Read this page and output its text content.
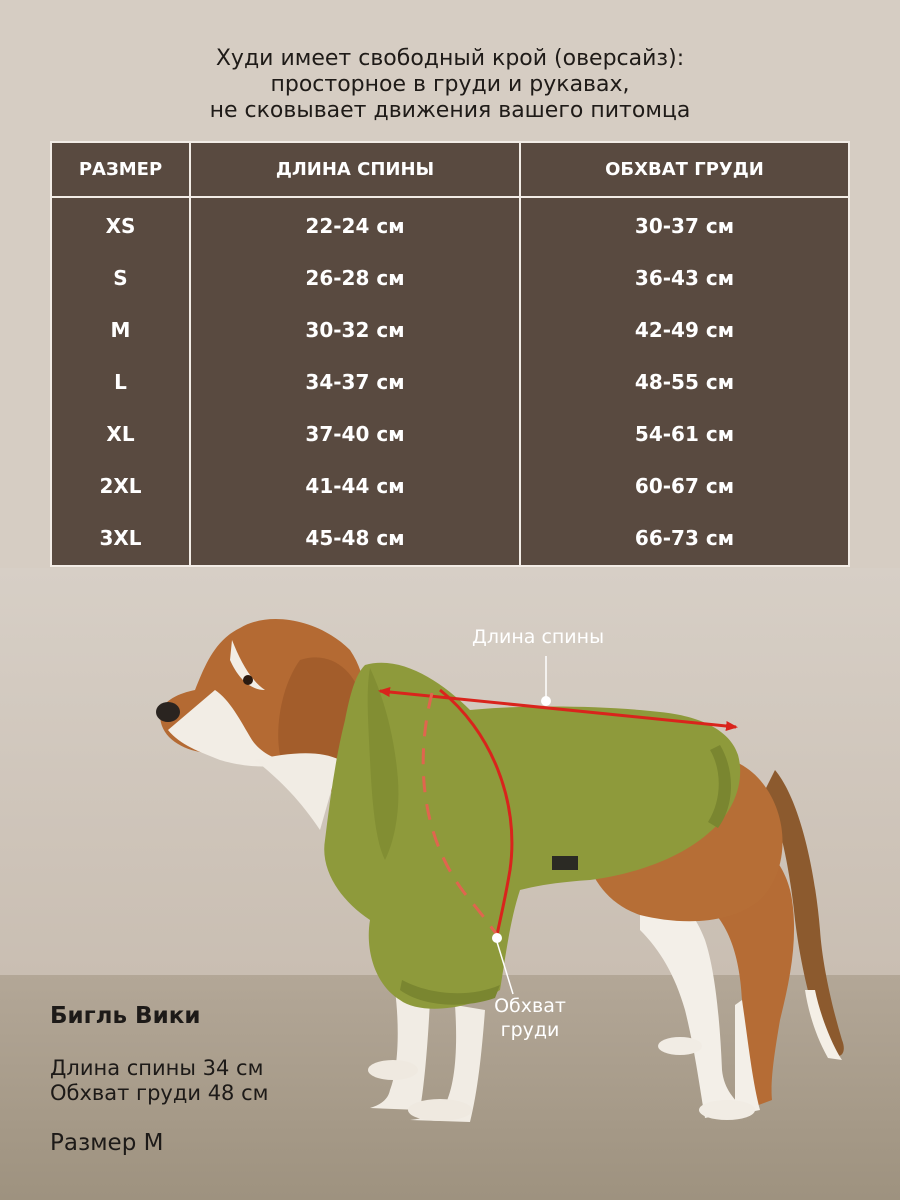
Худи имеет свободный крой (оверсайз):
просторное в груди и рукавах,
не сковывает движения вашего питомца
РАЗМЕР	ДЛИНА СПИНЫ	ОБХВАТ ГРУДИ
XS	22-24 см	30-37 см
S	26-28 см	36-43 см
M	30-32 см	42-49 см
L	34-37 см	48-55 см
XL	37-40 см	54-61 см
2XL	41-44 см	60-67 см
3XL	45-48 см	66-73 см
Длина спины
Обхват
груди
Бигль Вики
Длина спины 34 см
Обхват груди 48 см
Размер M
